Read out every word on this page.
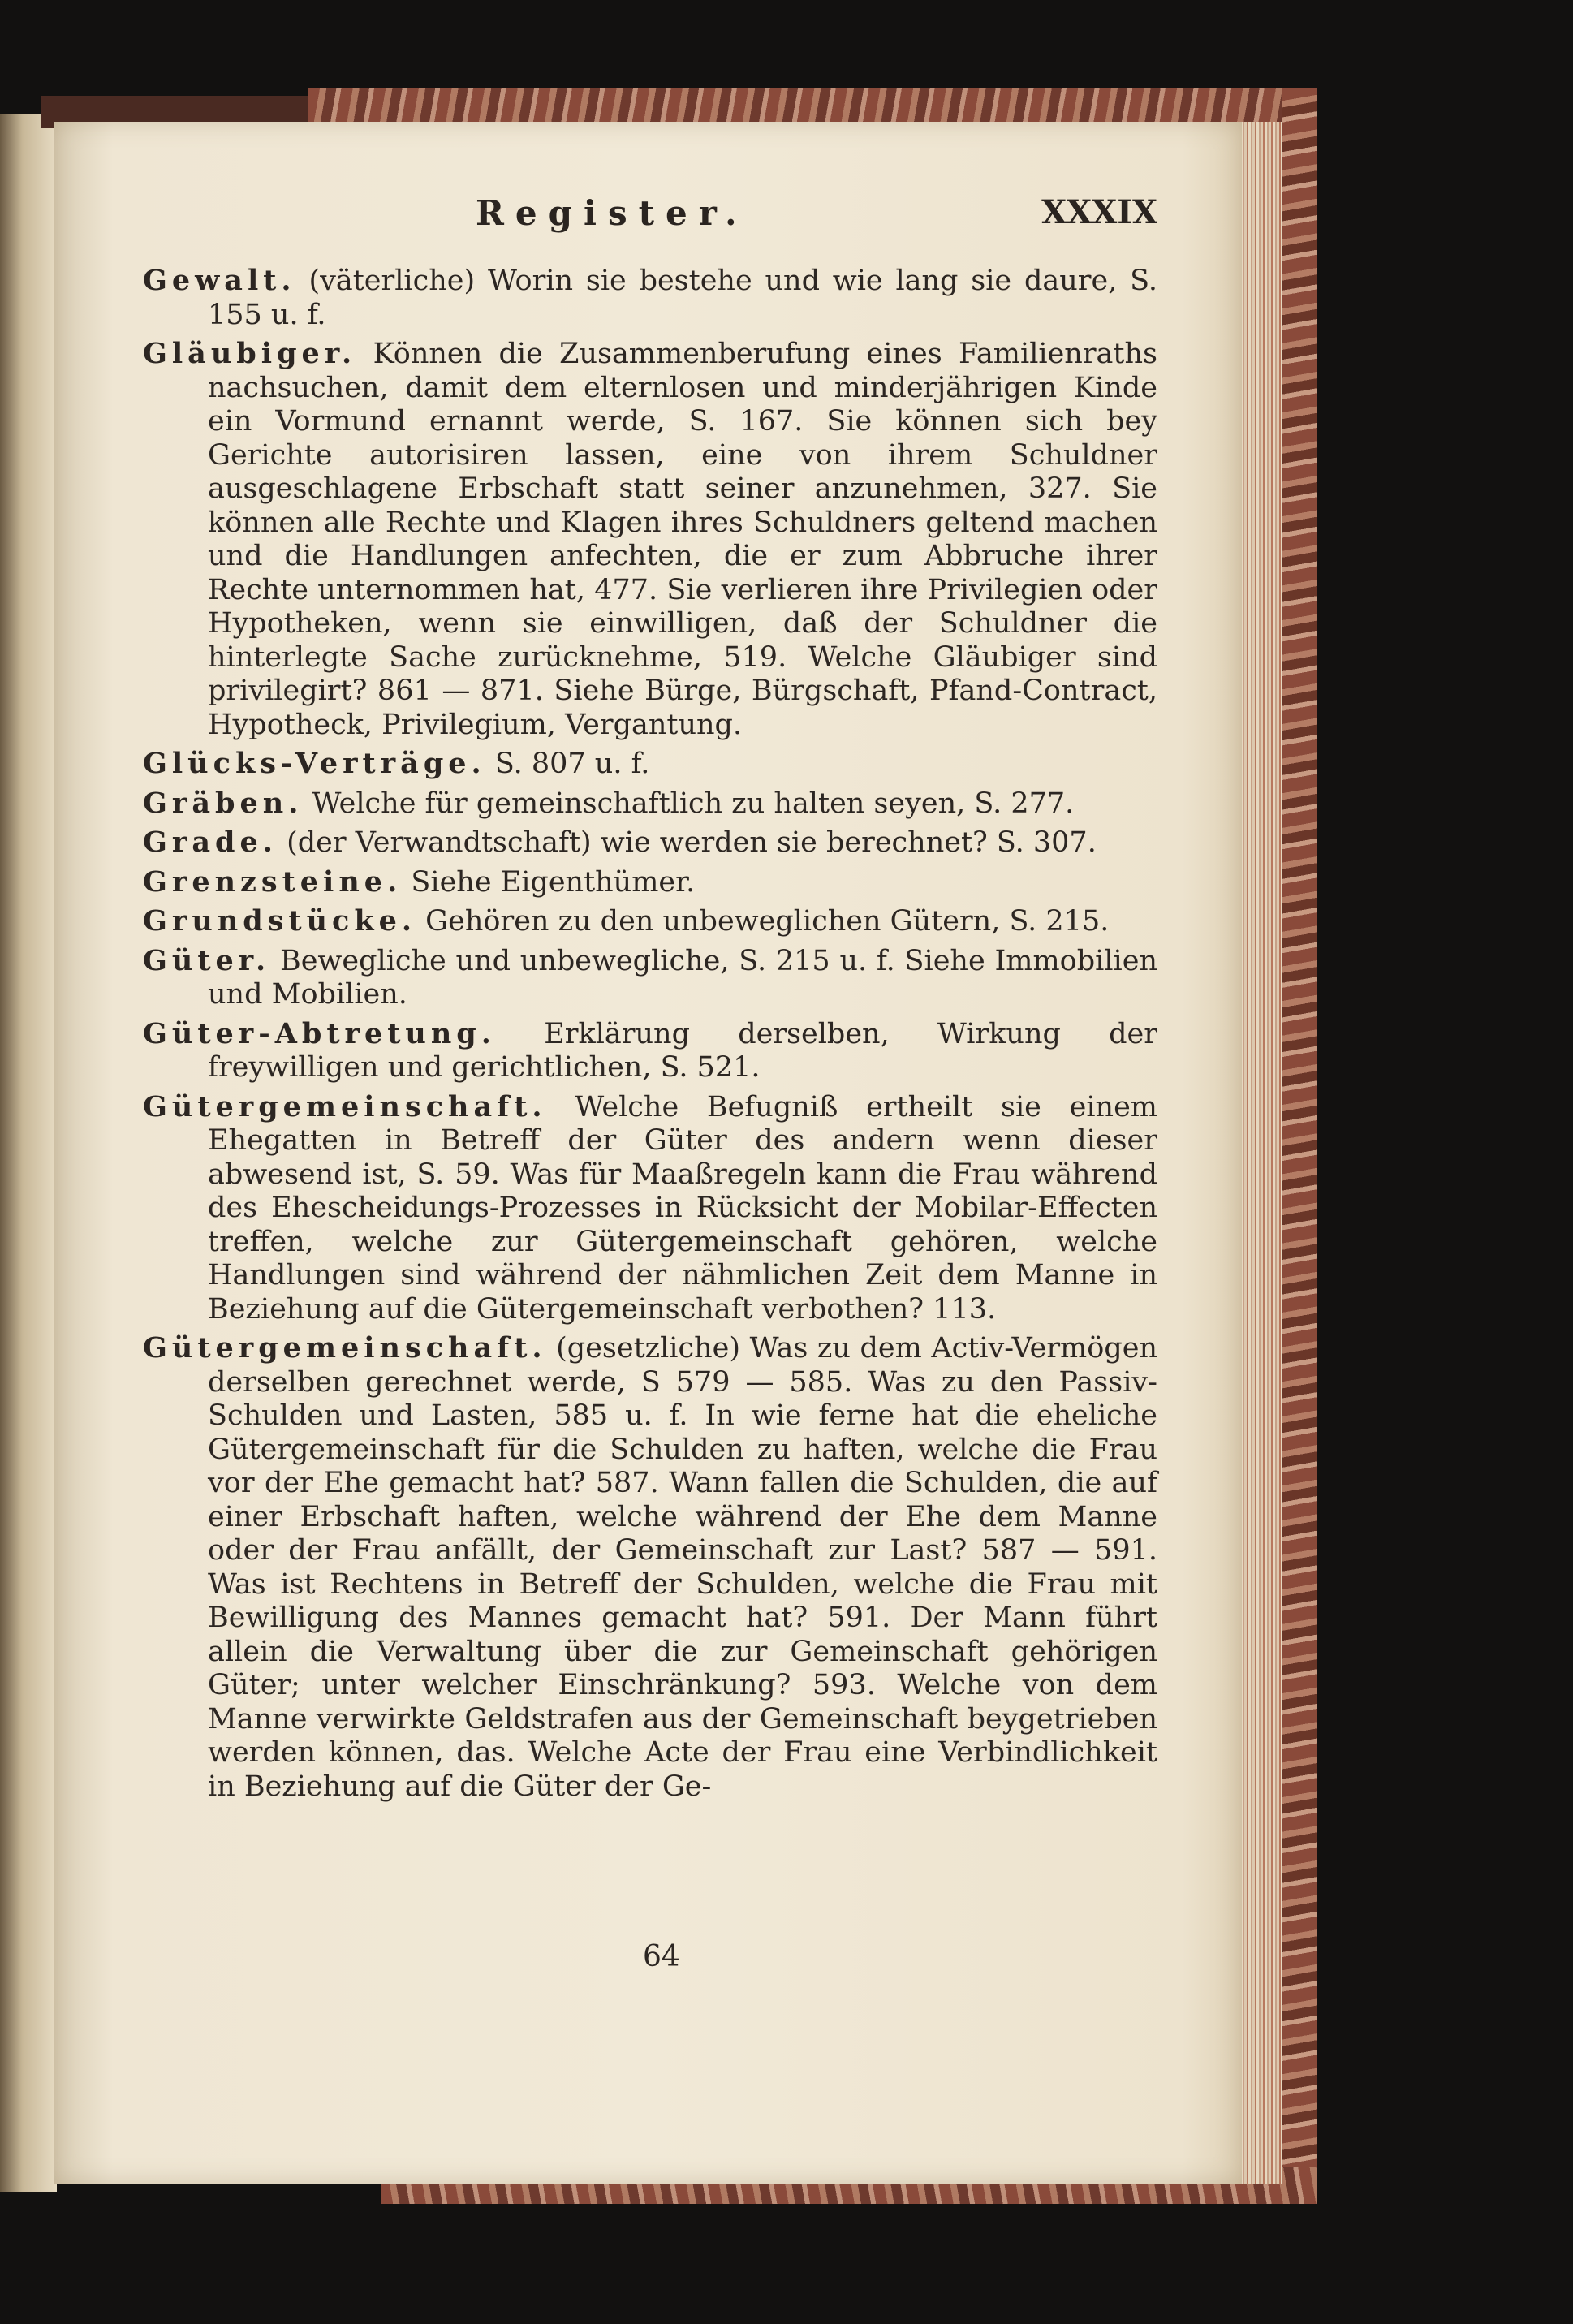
Register.	XXXIX

Gewalt. (väterliche) Worin sie bestehe und wie lang sie daure, S. 155 u. f.

Gläubiger. Können die Zusammenberufung eines Familienraths nachsuchen, damit dem elternlosen und minderjährigen Kinde ein Vormund ernannt werde, S. 167. Sie können sich bey Gerichte autorisiren lassen, eine von ihrem Schuldner ausgeschlagene Erbschaft statt seiner anzunehmen, 327. Sie können alle Rechte und Klagen ihres Schuldners geltend machen und die Handlungen anfechten, die er zum Abbruche ihrer Rechte unternommen hat, 477. Sie verlieren ihre Privilegien oder Hypotheken, wenn sie einwilligen, daß der Schuldner die hinterlegte Sache zurücknehme, 519. Welche Gläubiger sind privilegirt? 861 — 871. Siehe Bürge, Bürgschaft, Pfand-Contract, Hypotheck, Privilegium, Vergantung.

Glücks-Verträge. S. 807 u. f.

Gräben. Welche für gemeinschaftlich zu halten seyen, S. 277.

Grade. (der Verwandtschaft) wie werden sie berechnet? S. 307.

Grenzsteine. Siehe Eigenthümer.

Grundstücke. Gehören zu den unbeweglichen Gütern, S. 215.

Güter. Bewegliche und unbewegliche, S. 215 u. f. Siehe Immobilien und Mobilien.

Güter-Abtretung. Erklärung derselben, Wirkung der freywilligen und gerichtlichen, S. 521.

Gütergemeinschaft. Welche Befugniß ertheilt sie einem Ehegatten in Betreff der Güter des andern wenn dieser abwesend ist, S. 59. Was für Maaßregeln kann die Frau während des Ehescheidungs-Prozesses in Rücksicht der Mobilar-Effecten treffen, welche zur Gütergemeinschaft gehören, welche Handlungen sind während der nähmlichen Zeit dem Manne in Beziehung auf die Gütergemeinschaft verbothen? 113.

Gütergemeinschaft. (gesetzliche) Was zu dem Activ-Vermögen derselben gerechnet werde, S 579 — 585. Was zu den Passiv-Schulden und Lasten, 585 u. f. In wie ferne hat die eheliche Gütergemeinschaft für die Schulden zu haften, welche die Frau vor der Ehe gemacht hat? 587. Wann fallen die Schulden, die auf einer Erbschaft haften, welche während der Ehe dem Manne oder der Frau anfällt, der Gemeinschaft zur Last? 587 — 591. Was ist Rechtens in Betreff der Schulden, welche die Frau mit Bewilligung des Mannes gemacht hat? 591. Der Mann führt allein die Verwaltung über die zur Gemeinschaft gehörigen Güter; unter welcher Einschränkung? 593. Welche von dem Manne verwirkte Geldstrafen aus der Gemeinschaft beygetrieben werden können, das. Welche Acte der Frau eine Verbindlichkeit in Beziehung auf die Güter der Ge-

64
